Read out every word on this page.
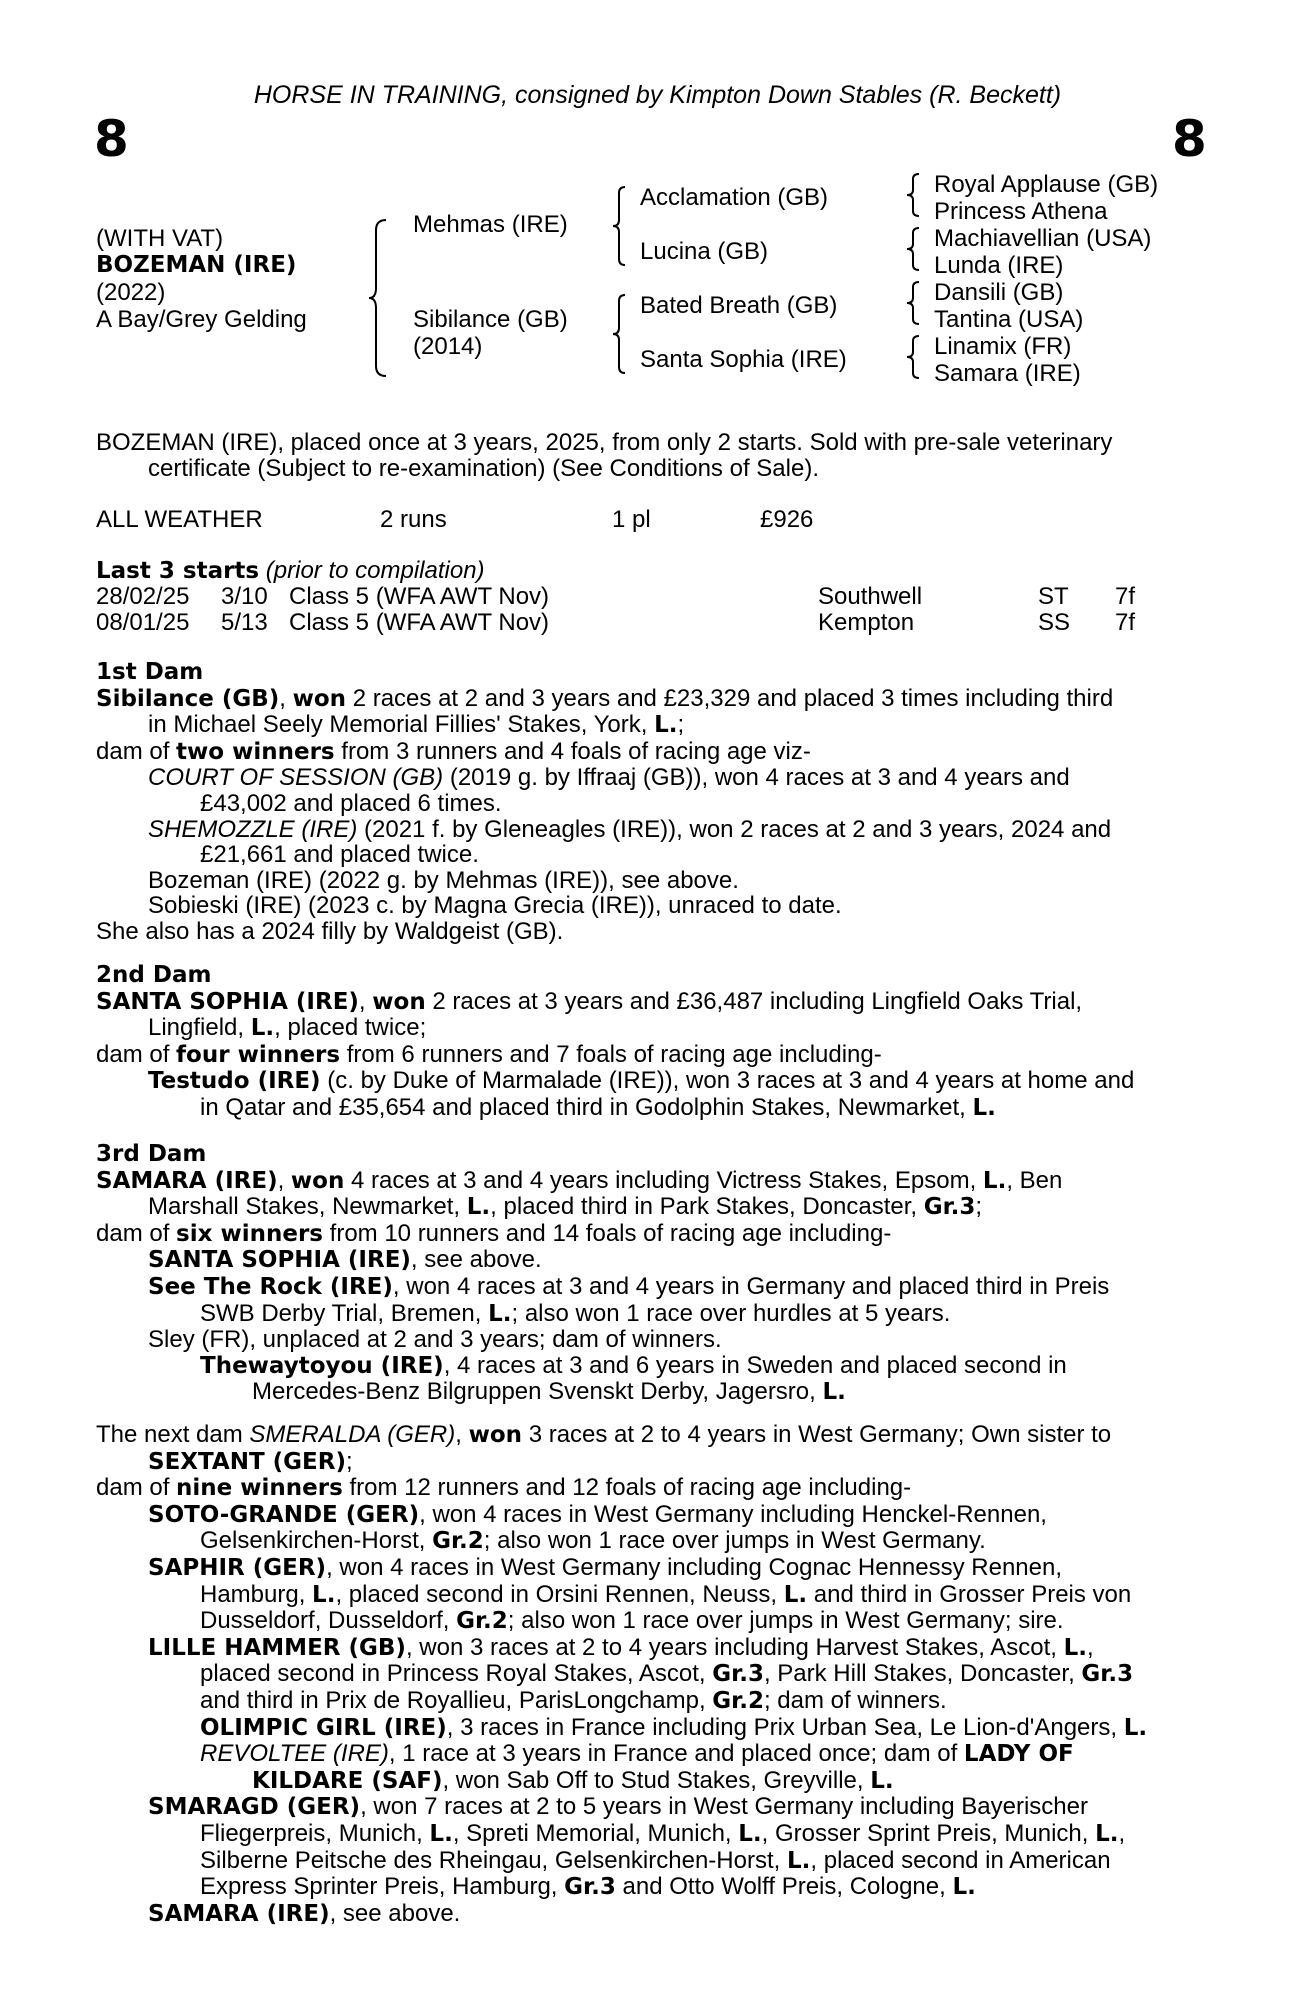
HORSE IN TRAINING, consigned by Kimpton Down Stables (R. Beckett)
8	8
(WITH VAT)
BOZEMAN (IRE)
(2022)
A Bay/Grey Gelding
Mehmas (IRE)
Sibilance (GB)
(2014)
Acclamation (GB)
Lucina (GB)
Bated Breath (GB)
Santa Sophia (IRE)
Royal Applause (GB)
Princess Athena
Machiavellian (USA)
Lunda (IRE)
Dansili (GB)
Tantina (USA)
Linamix (FR)
Samara (IRE)
BOZEMAN (IRE), placed once at 3 years, 2025, from only 2 starts. Sold with pre-sale veterinary
certificate (Subject to re-examination) (See Conditions of Sale).
ALL WEATHER	2 runs	1 pl	£926
Last 3 starts (prior to compilation)
28/02/25 3/10 Class 5 (WFA AWT Nov)	Southwell	ST 7f
08/01/25 5/13 Class 5 (WFA AWT Nov)	Kempton	SS 7f
1st Dam
Sibilance (GB), won 2 races at 2 and 3 years and £23,329 and placed 3 times including third
in Michael Seely Memorial Fillies' Stakes, York, L.;
dam of two winners from 3 runners and 4 foals of racing age viz-
COURT OF SESSION (GB) (2019 g. by Iffraaj (GB)), won 4 races at 3 and 4 years and
£43,002 and placed 6 times.
SHEMOZZLE (IRE) (2021 f. by Gleneagles (IRE)), won 2 races at 2 and 3 years, 2024 and
£21,661 and placed twice.
Bozeman (IRE) (2022 g. by Mehmas (IRE)), see above.
Sobieski (IRE) (2023 c. by Magna Grecia (IRE)), unraced to date.
She also has a 2024 filly by Waldgeist (GB).
2nd Dam
SANTA SOPHIA (IRE), won 2 races at 3 years and £36,487 including Lingfield Oaks Trial,
Lingfield, L., placed twice;
dam of four winners from 6 runners and 7 foals of racing age including-
Testudo (IRE) (c. by Duke of Marmalade (IRE)), won 3 races at 3 and 4 years at home and
in Qatar and £35,654 and placed third in Godolphin Stakes, Newmarket, L.
3rd Dam
SAMARA (IRE), won 4 races at 3 and 4 years including Victress Stakes, Epsom, L., Ben
Marshall Stakes, Newmarket, L., placed third in Park Stakes, Doncaster, Gr.3;
dam of six winners from 10 runners and 14 foals of racing age including-
SANTA SOPHIA (IRE), see above.
See The Rock (IRE), won 4 races at 3 and 4 years in Germany and placed third in Preis
SWB Derby Trial, Bremen, L.; also won 1 race over hurdles at 5 years.
Sley (FR), unplaced at 2 and 3 years; dam of winners.
Thewaytoyou (IRE), 4 races at 3 and 6 years in Sweden and placed second in
Mercedes-Benz Bilgruppen Svenskt Derby, Jagersro, L.
The next dam SMERALDA (GER), won 3 races at 2 to 4 years in West Germany; Own sister to
SEXTANT (GER);
dam of nine winners from 12 runners and 12 foals of racing age including-
SOTO-GRANDE (GER), won 4 races in West Germany including Henckel-Rennen,
Gelsenkirchen-Horst, Gr.2; also won 1 race over jumps in West Germany.
SAPHIR (GER), won 4 races in West Germany including Cognac Hennessy Rennen,
Hamburg, L., placed second in Orsini Rennen, Neuss, L. and third in Grosser Preis von
Dusseldorf, Dusseldorf, Gr.2; also won 1 race over jumps in West Germany; sire.
LILLE HAMMER (GB), won 3 races at 2 to 4 years including Harvest Stakes, Ascot, L.,
placed second in Princess Royal Stakes, Ascot, Gr.3, Park Hill Stakes, Doncaster, Gr.3
and third in Prix de Royallieu, ParisLongchamp, Gr.2; dam of winners.
OLIMPIC GIRL (IRE), 3 races in France including Prix Urban Sea, Le Lion-d'Angers, L.
REVOLTEE (IRE), 1 race at 3 years in France and placed once; dam of LADY OF
KILDARE (SAF), won Sab Off to Stud Stakes, Greyville, L.
SMARAGD (GER), won 7 races at 2 to 5 years in West Germany including Bayerischer
Fliegerpreis, Munich, L., Spreti Memorial, Munich, L., Grosser Sprint Preis, Munich, L.,
Silberne Peitsche des Rheingau, Gelsenkirchen-Horst, L., placed second in American
Express Sprinter Preis, Hamburg, Gr.3 and Otto Wolff Preis, Cologne, L.
SAMARA (IRE), see above.
